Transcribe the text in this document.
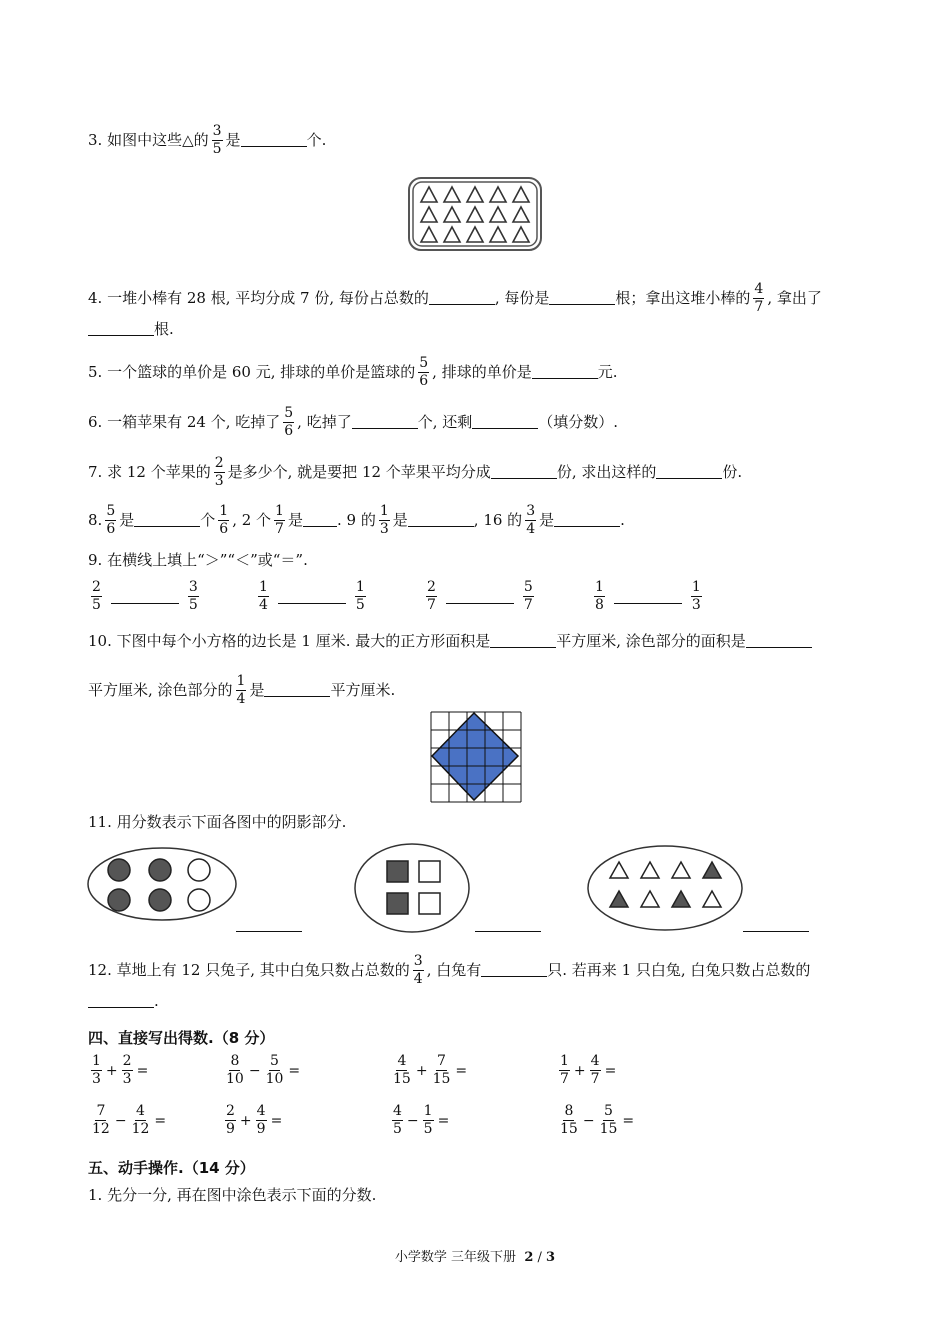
3. 如图中这些△的 $\frac{3}{5}$ 是	个.
4. 一堆小棒有 28 根, 平均分成 7 份, 每份占总数的	, 每份是	根；拿出这堆小棒的 $\frac{4}{7}$ , 拿出了
根.
5. 一个篮球的单价是 60 元, 排球的单价是篮球的 $\frac{5}{6}$ , 排球的单价是	元.
6. 一箱苹果有 24 个, 吃掉了 $\frac{5}{6}$ , 吃掉了	个, 还剩	（填分数）.
7. 求 12 个苹果的 $\frac{2}{3}$ 是多少个, 就是要把 12 个苹果平均分成	份, 求出这样的	份.
8. $\frac{5}{6}$ 是	个 $\frac{1}{6}$ , 2 个 $\frac{1}{7}$ 是 . 9 的 $\frac{1}{3}$ 是	, 16 的 $\frac{3}{4}$ 是	.
9. 在横线上填上“＞”“＜”或“＝”.
$\frac{2}{5}$	$\frac{3}{5}$	$\frac{1}{4}$	$\frac{1}{5}$	$\frac{2}{7}$	$\frac{5}{7}$	$\frac{1}{8}$	$\frac{1}{3}$
10. 下图中每个小方格的边长是 1 厘米. 最大的正方形面积是	平方厘米, 涂色部分的面积是
平方厘米, 涂色部分的 $\frac{1}{4}$ 是	平方厘米.
11. 用分数表示下面各图中的阴影部分.
12. 草地上有 12 只兔子, 其中白兔只数占总数的 $\frac{3}{4}$ , 白兔有	只. 若再来 1 只白兔, 白兔只数占总数的
.
四、直接写出得数.（8 分）
$\frac{1}{3} + \frac{2}{3}$ =	$\frac{8}{10} - \frac{5}{10}$ =	$\frac{4}{15} + \frac{7}{15}$ =	$\frac{1}{7} + \frac{4}{7}$ =
$\frac{7}{12} - \frac{4}{12}$ =	$\frac{2}{9} + \frac{4}{9}$ =	$\frac{4}{5} - \frac{1}{5}$ =	$\frac{8}{15} - \frac{5}{15}$ =
五、动手操作.（14 分）
1. 先分一分, 再在图中涂色表示下面的分数.
小学数学 三年级下册 2 / 3
